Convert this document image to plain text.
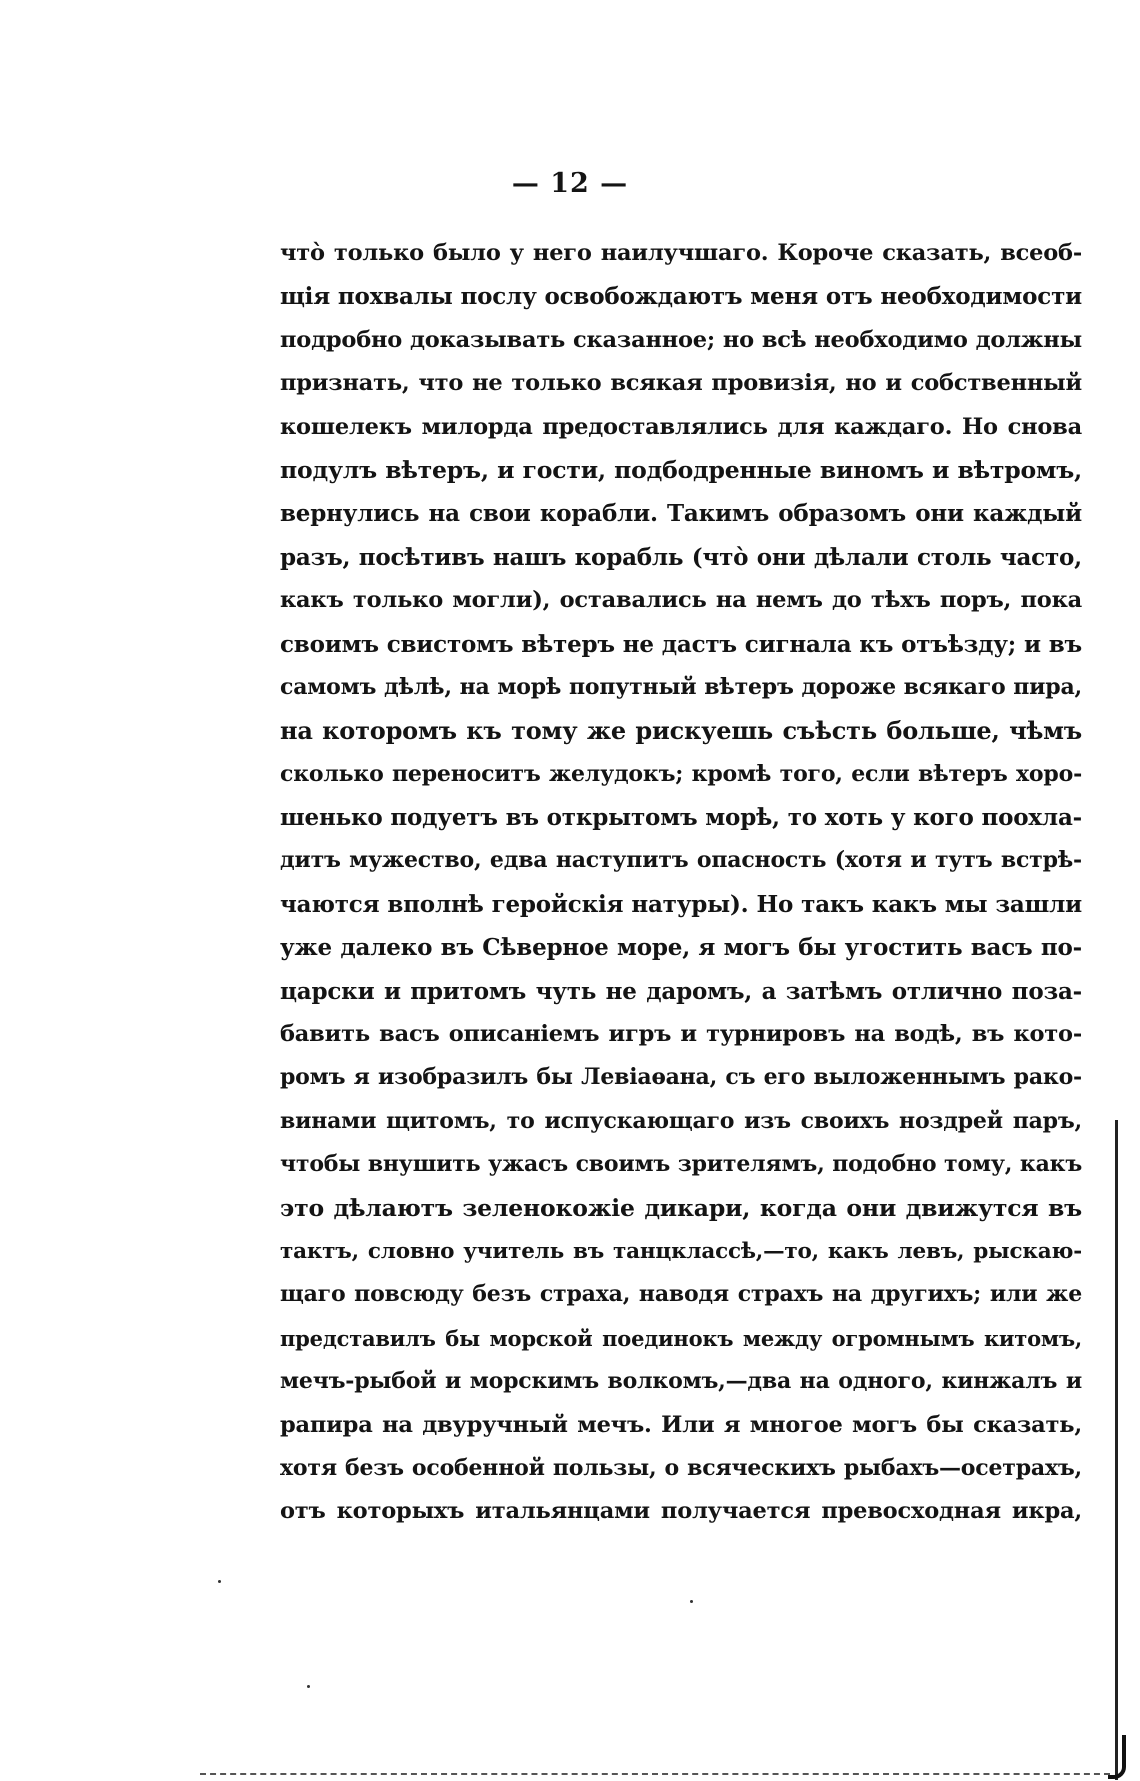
— 12 —
что̀ только было у него наилучшаго. Короче сказать, всеоб-
щія похвалы послу освобождаютъ меня отъ необходимости
подробно доказывать сказанное; но всѣ необходимо должны
признать, что не только всякая провизія, но и собственный
кошелекъ милорда предоставлялись для каждаго. Но снова
подулъ вѣтеръ, и гости, подбодренные виномъ и вѣтромъ,
вернулись на свои корабли. Такимъ образомъ они каждый
разъ, посѣтивъ нашъ корабль (что̀ они дѣлали столь часто,
какъ только могли), оставались на немъ до тѣхъ поръ, пока
своимъ свистомъ вѣтеръ не дастъ сигнала къ отъѣзду; и въ
самомъ дѣлѣ, на морѣ попутный вѣтеръ дороже всякаго пира,
на которомъ къ тому же рискуешь съѣсть больше, чѣмъ
сколько переноситъ желудокъ; кромѣ того, если вѣтеръ хоро-
шенько подуетъ въ открытомъ морѣ, то хоть у кого поохла-
дитъ мужество, едва наступитъ опасность (хотя и тутъ встрѣ-
чаются вполнѣ геройскія натуры). Но такъ какъ мы зашли
уже далеко въ Сѣверное море, я могъ бы угостить васъ по-
царски и притомъ чуть не даромъ, а затѣмъ отлично поза-
бавить васъ описаніемъ игръ и турнировъ на водѣ, въ кото-
ромъ я изобразилъ бы Левіаѳана, съ его выложеннымъ рако-
винами щитомъ, то испускающаго изъ своихъ ноздрей паръ,
чтобы внушить ужасъ своимъ зрителямъ, подобно тому, какъ
это дѣлаютъ зеленокожіе дикари, когда они движутся въ
тактъ, словно учитель въ танцклассѣ,—то, какъ левъ, рыскаю-
щаго повсюду безъ страха, наводя страхъ на другихъ; или же
представилъ бы морской поединокъ между огромнымъ китомъ,
мечъ-рыбой и морскимъ волкомъ,—два на одного, кинжалъ и
рапира на двуручный мечъ. Или я многое могъ бы сказать,
хотя безъ особенной пользы, о всяческихъ рыбахъ—осетрахъ,
отъ которыхъ итальянцами получается превосходная икра,
